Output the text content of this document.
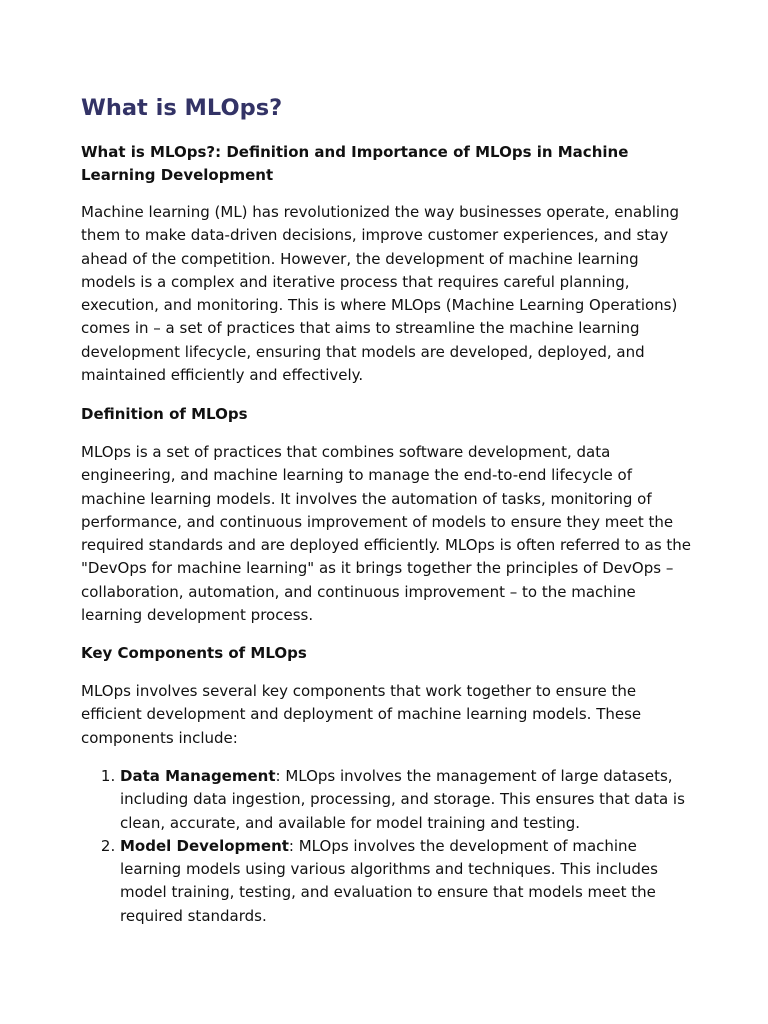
What is MLOps?
What is MLOps?: Definition and Importance of MLOps in Machine Learning Development

Machine learning (ML) has revolutionized the way businesses operate, enabling them to make data-driven decisions, improve customer experiences, and stay ahead of the competition. However, the development of machine learning models is a complex and iterative process that requires careful planning, execution, and monitoring. This is where MLOps (Machine Learning Operations) comes in – a set of practices that aims to streamline the machine learning development lifecycle, ensuring that models are developed, deployed, and maintained efficiently and effectively.

Definition of MLOps

MLOps is a set of practices that combines software development, data engineering, and machine learning to manage the end-to-end lifecycle of machine learning models. It involves the automation of tasks, monitoring of performance, and continuous improvement of models to ensure they meet the required standards and are deployed efficiently. MLOps is often referred to as the "DevOps for machine learning" as it brings together the principles of DevOps – collaboration, automation, and continuous improvement – to the machine learning development process.

Key Components of MLOps

MLOps involves several key components that work together to ensure the efficient development and deployment of machine learning models. These components include:

1. Data Management: MLOps involves the management of large datasets, including data ingestion, processing, and storage. This ensures that data is clean, accurate, and available for model training and testing.
2. Model Development: MLOps involves the development of machine learning models using various algorithms and techniques. This includes model training, testing, and evaluation to ensure that models meet the required standards.
